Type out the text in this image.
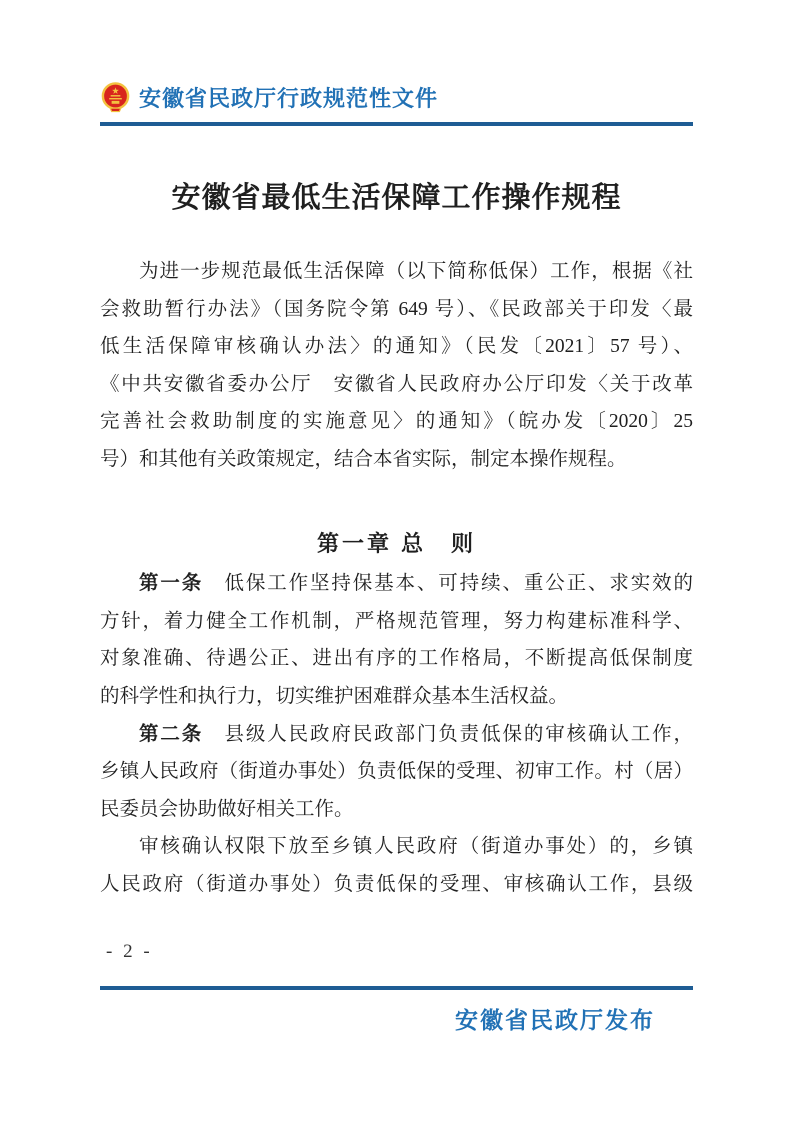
安徽省民政厅行政规范性文件
安徽省最低生活保障工作操作规程
为进一步规范最低生活保障（以下简称低保）工作，根据《社
会救助暂行办法》（国务院令第 649 号）、《民政部关于印发〈最
低生活保障审核确认办法〉的通知》（民发〔2021〕57 号）、
《中共安徽省委办公厅　安徽省人民政府办公厅印发〈关于改革
完善社会救助制度的实施意见〉的通知》（皖办发〔2020〕25
号）和其他有关政策规定，结合本省实际，制定本操作规程。
第一章 总　则
第一条　低保工作坚持保基本、可持续、重公正、求实效的
方针，着力健全工作机制，严格规范管理，努力构建标准科学、
对象准确、待遇公正、进出有序的工作格局，不断提高低保制度
的科学性和执行力，切实维护困难群众基本生活权益。
第二条　县级人民政府民政部门负责低保的审核确认工作，
乡镇人民政府（街道办事处）负责低保的受理、初审工作。村（居）
民委员会协助做好相关工作。
审核确认权限下放至乡镇人民政府（街道办事处）的，乡镇
人民政府（街道办事处）负责低保的受理、审核确认工作，县级
- 2 -
安徽省民政厅发布
